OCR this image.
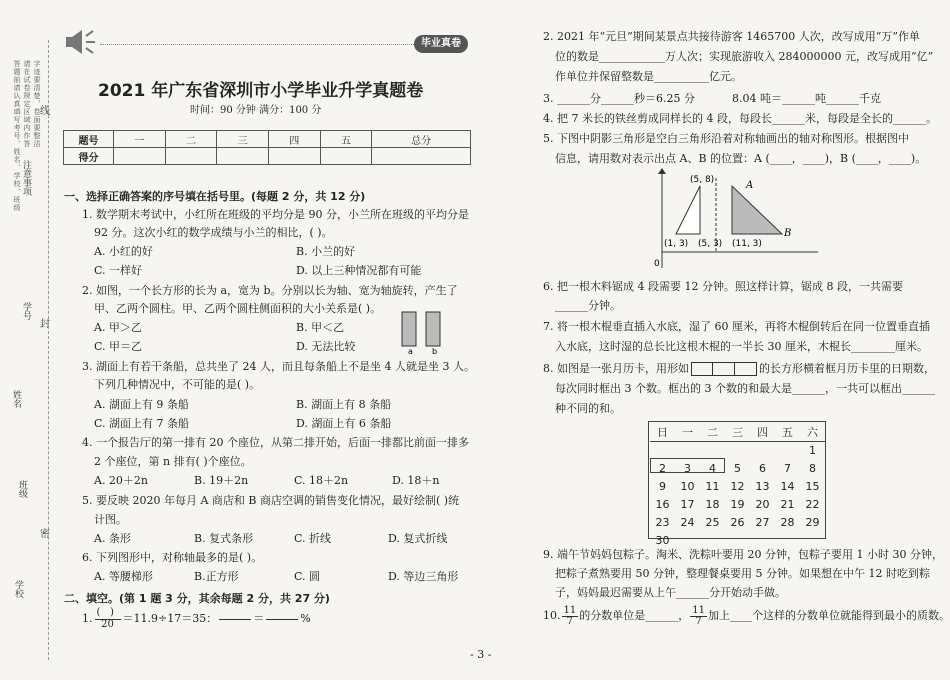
答题前请认真填写考号、姓名、学校、班级 请在试卷规定区域内作答 字迹要清楚，卷面要整洁
注意事项
学号
姓名
班级
学校
线
封
密
毕业真卷
2021 年广东省深圳市小学毕业升学真题卷
时间：90 分钟 满分：100 分
题号	一	二	三	四	五	总分
得分						
一、选择正确答案的序号填在括号里。(每题 2 分，共 12 分)
1. 数学期末考试中，小红所在班级的平均分是 90 分，小兰所在班级的平均分是
92 分。这次小红的数学成绩与小兰的相比，( )。
A. 小红的好	B. 小兰的好
C. 一样好	D. 以上三种情况都有可能
2. 如图，一个长方形的长为 a，宽为 b。分别以长为轴、宽为轴旋转，产生了
甲、乙两个圆柱。甲、乙两个圆柱侧面积的大小关系是( )。
A. 甲＞乙	B. 甲＜乙
C. 甲＝乙	D. 无法比较	a b
3. 湖面上有若干条船，总共坐了 24 人，而且每条船上不是坐 4 人就是坐 3 人。
下列几种情况中，不可能的是( )。
A. 湖面上有 9 条船	B. 湖面上有 8 条船
C. 湖面上有 7 条船	D. 湖面上有 6 条船
4. 一个报告厅的第一排有 20 个座位，从第二排开始，后面一排都比前面一排多
2 个座位，第 n 排有( )个座位。
A. 20＋2n	B. 19＋2n	C. 18＋2n	D. 18＋n
5. 要反映 2020 年每月 A 商店和 B 商店空调的销售变化情况，最好绘制( )统
计图。
A. 条形	B. 复式条形	C. 折线	D. 复式折线
6. 下列图形中，对称轴最多的是( )。
A. 等腰梯形	B.正方形	C. 圆	D. 等边三角形
二、填空。(第 1 题 3 分，其余每题 2 分，共 27 分)
1. $\frac{( )}{20} =11.9\div 17=35$：	＝	%
2. 2021 年“元旦”期间某景点共接待游客 1465700 人次，改写成用“万”作单
位的数是____________万人次；实现旅游收入 284000000 元，改写成用“亿”
作单位并保留整数是__________亿元。
3. ______分______秒＝6.25 分	8.04 吨＝______吨______千克
4. 把 7 米长的铁丝剪成同样长的 4 段，每段长______米，每段是全长的______。
5. 下图中阴影三角形是空白三角形沿着对称轴画出的轴对称图形。根据图中
信息，请用数对表示出点 A、B 的位置：A (____，____)，B (____，____)。
(5, 8)
(1, 3) (5, 3) (11, 3)
A
B
0
6. 把一根木料锯成 4 段需要 12 分钟。照这样计算，锯成 8 段，一共需要
______分钟。
7. 将一根木棍垂直插入水底，湿了 60 厘米，再将木棍倒转后在同一位置垂直插
入水底，这时湿的总长比这根木棍的一半长 30 厘米，木棍长________厘米。
8. 如图是一张月历卡，用形如	的长方形横着框月历卡里的日期数，
每次同时框出 3 个数。框出的 3 个数的和最大是______，一共可以框出______
种不同的和。
日	一	二	三	四	五	六
						1
2	3	4	5	6	7	8
9	10	11	12	13	14	15
16	17	18	19	20	21	22
23	24	25	26	27	28	29
30						
9. 端午节妈妈包粽子。淘米、洗粽叶要用 20 分钟，包粽子要用 1 小时 30 分钟，
把粽子煮熟要用 50 分钟，整理餐桌要用 5 分钟。如果想在中午 12 时吃到粽
子，妈妈最迟需要从上午______分开始动手做。
10. $\frac{11}{7}$ 的分数单位是______， $\frac{11}{7}$ 加上____个这样的分数单位就能得到最小的质数。
- 3 -
